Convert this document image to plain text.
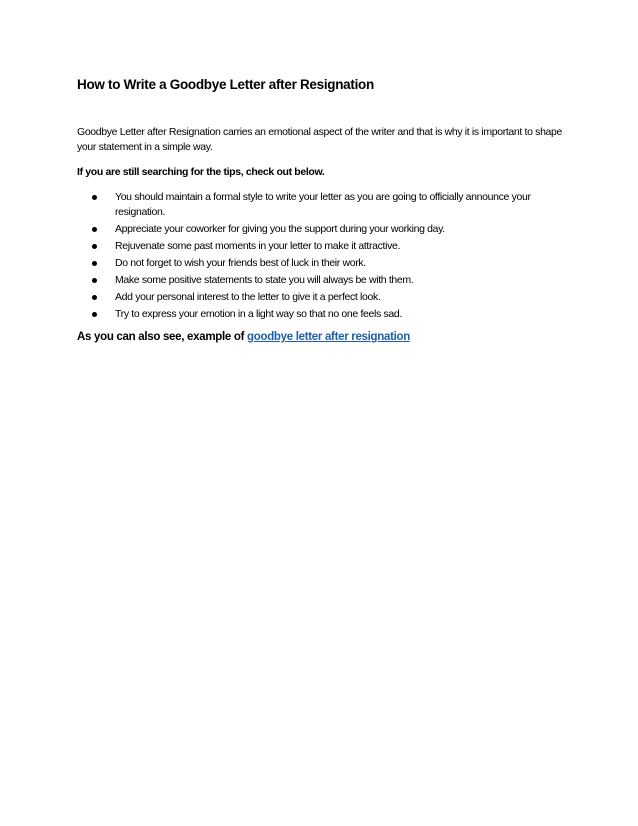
How to Write a Goodbye Letter after Resignation

Goodbye Letter after Resignation carries an emotional aspect of the writer and that is why it is important to shape your statement in a simple way.

If you are still searching for the tips, check out below.

You should maintain a formal style to write your letter as you are going to officially announce your resignation.
Appreciate your coworker for giving you the support during your working day.
Rejuvenate some past moments in your letter to make it attractive.
Do not forget to wish your friends best of luck in their work.
Make some positive statements to state you will always be with them.
Add your personal interest to the letter to give it a perfect look.
Try to express your emotion in a light way so that no one feels sad.

As you can also see, example of goodbye letter after resignation
